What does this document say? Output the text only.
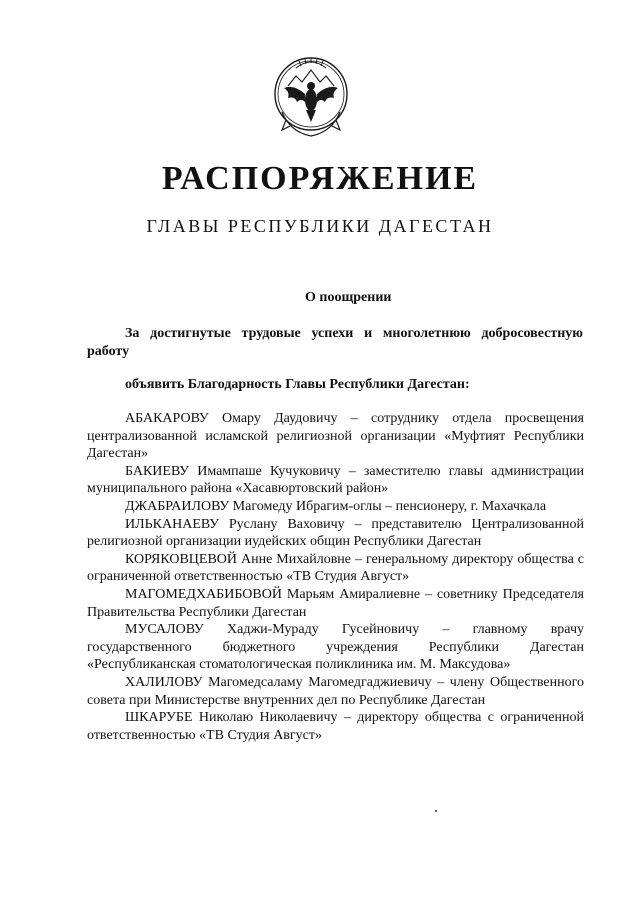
РАСПОРЯЖЕНИЕ
ГЛАВЫ РЕСПУБЛИКИ ДАГЕСТАН
О поощрении
За достигнутые трудовые успехи и многолетнюю добросовестную работу
объявить Благодарность Главы Республики Дагестан:

АБАКАРОВУ Омару Даудовичу – сотруднику отдела просвещения централизованной исламской религиозной организации «Муфтият Республики Дагестан»

БАКИЕВУ Имампаше Кучуковичу – заместителю главы администрации муниципального района «Хасавюртовский район»

ДЖАБРАИЛОВУ Магомеду Ибрагим-оглы – пенсионеру, г. Махачкала

ИЛЬКАНАЕВУ Руслану Ваховичу – представителю Централизованной религиозной организации иудейских общин Республики Дагестан

КОРЯКОВЦЕВОЙ Анне Михайловне – генеральному директору общества с ограниченной ответственностью «ТВ Студия Август»

МАГОМЕДХАБИБОВОЙ Марьям Амиралиевне – советнику Председателя Правительства Республики Дагестан

МУСАЛОВУ Хаджи-Мураду Гусейновичу – главному врачу государственного бюджетного учреждения Республики Дагестан «Республиканская стоматологическая поликлиника им. М. Максудова»

ХАЛИЛОВУ Магомедсаламу Магомедгаджиевичу – члену Общественного совета при Министерстве внутренних дел по Республике Дагестан

ШКАРУБЕ Николаю Николаевичу – директору общества с ограниченной ответственностью «ТВ Студия Август»
